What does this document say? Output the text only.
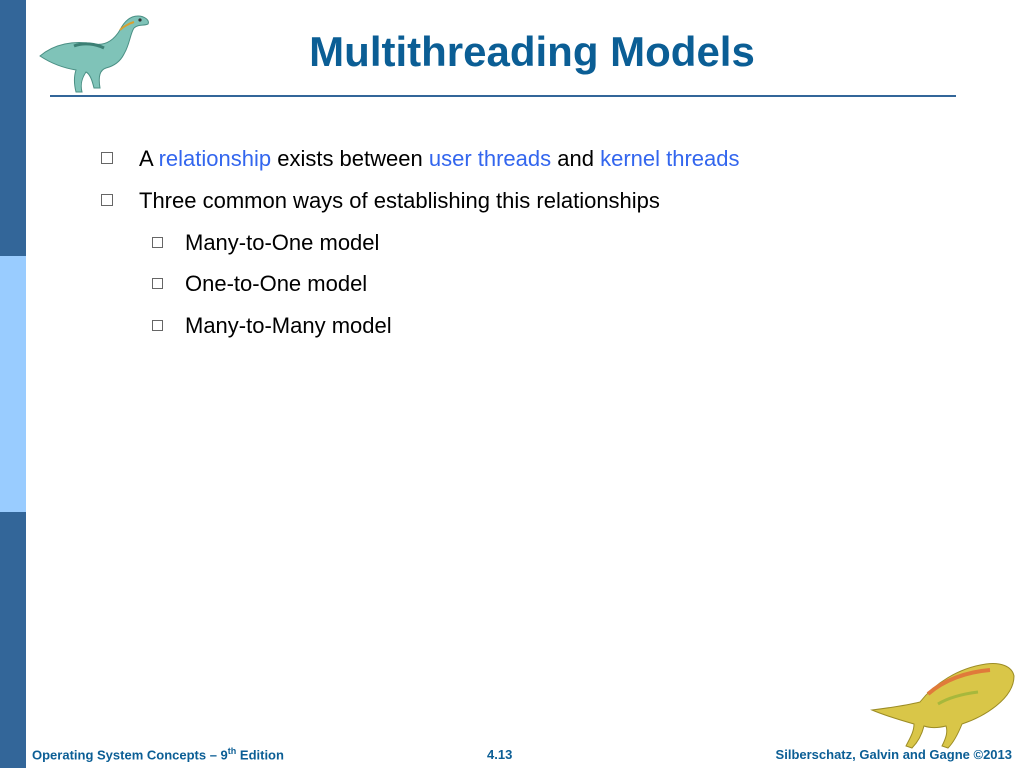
Multithreading Models
A relationship exists between user threads and kernel threads
Three common ways of establishing this relationships
Many-to-One model
One-to-One model
Many-to-Many model
Operating System Concepts – 9th Edition	4.13	Silberschatz, Galvin and Gagne ©2013
